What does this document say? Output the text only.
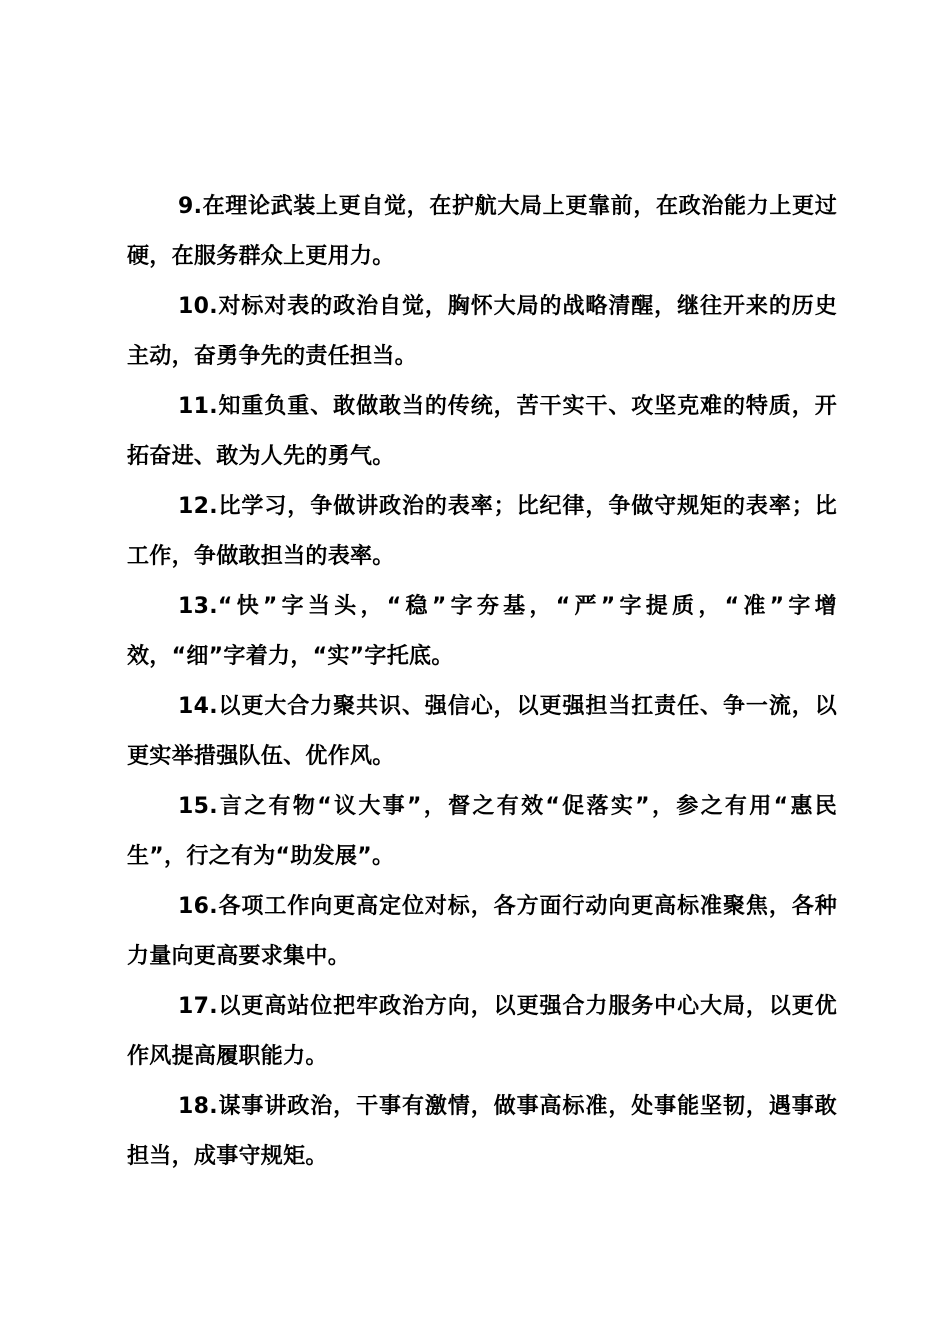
9.在理论武装上更自觉，在护航大局上更靠前，在政治能力上更过硬，在服务群众上更用力。

10.对标对表的政治自觉，胸怀大局的战略清醒，继往开来的历史主动，奋勇争先的责任担当。

11.知重负重、敢做敢当的传统，苦干实干、攻坚克难的特质，开拓奋进、敢为人先的勇气。

12.比学习，争做讲政治的表率；比纪律，争做守规矩的表率；比工作，争做敢担当的表率。

13.“快”字当头，“稳”字夯基，“严”字提质，“准”字增效，“细”字着力，“实”字托底。

14.以更大合力聚共识、强信心，以更强担当扛责任、争一流，以更实举措强队伍、优作风。

15.言之有物“议大事”，督之有效“促落实”，参之有用“惠民生”，行之有为“助发展”。

16.各项工作向更高定位对标，各方面行动向更高标准聚焦，各种力量向更高要求集中。

17.以更高站位把牢政治方向，以更强合力服务中心大局，以更优作风提高履职能力。

18.谋事讲政治，干事有激情，做事高标准，处事能坚韧，遇事敢担当，成事守规矩。
